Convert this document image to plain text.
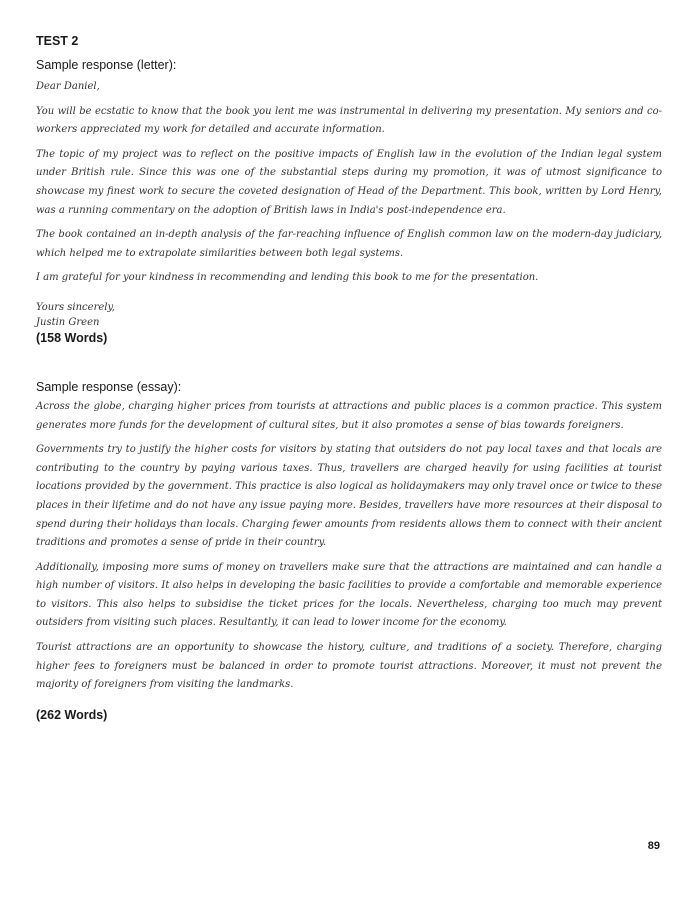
TEST 2

Sample response (letter):

Dear Daniel,

You will be ecstatic to know that the book you lent me was instrumental in delivering my presentation. My seniors and co-workers appreciated my work for detailed and accurate information.

The topic of my project was to reflect on the positive impacts of English law in the evolution of the Indian legal system under British rule. Since this was one of the substantial steps during my promotion, it was of utmost significance to showcase my finest work to secure the coveted designation of Head of the Department. This book, written by Lord Henry, was a running commentary on the adoption of British laws in India's post-independence era.

The book contained an in-depth analysis of the far-reaching influence of English common law on the modern-day judiciary, which helped me to extrapolate similarities between both legal systems.

I am grateful for your kindness in recommending and lending this book to me for the presentation.

Yours sincerely,

Justin Green

(158 Words)

Sample response (essay):

Across the globe, charging higher prices from tourists at attractions and public places is a common practice. This system generates more funds for the development of cultural sites, but it also promotes a sense of bias towards foreigners.

Governments try to justify the higher costs for visitors by stating that outsiders do not pay local taxes and that locals are contributing to the country by paying various taxes. Thus, travellers are charged heavily for using facilities at tourist locations provided by the government. This practice is also logical as holidaymakers may only travel once or twice to these places in their lifetime and do not have any issue paying more. Besides, travellers have more resources at their disposal to spend during their holidays than locals. Charging fewer amounts from residents allows them to connect with their ancient traditions and promotes a sense of pride in their country.

Additionally, imposing more sums of money on travellers make sure that the attractions are maintained and can handle a high number of visitors. It also helps in developing the basic facilities to provide a comfortable and memorable experience to visitors. This also helps to subsidise the ticket prices for the locals. Nevertheless, charging too much may prevent outsiders from visiting such places. Resultantly, it can lead to lower income for the economy.

Tourist attractions are an opportunity to showcase the history, culture, and traditions of a society. Therefore, charging higher fees to foreigners must be balanced in order to promote tourist attractions. Moreover, it must not prevent the majority of foreigners from visiting the landmarks.

(262 Words)

89
